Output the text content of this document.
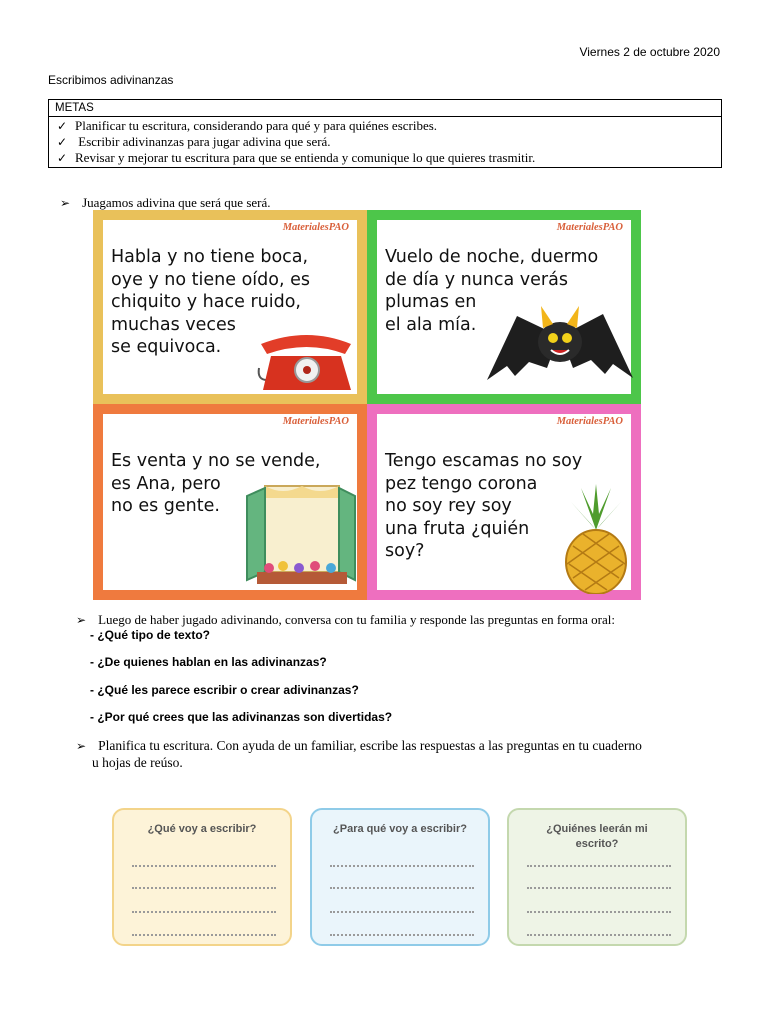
Viernes 2 de octubre 2020
Escribimos adivinanzas
METAS

✓ Planificar tu escritura, considerando para qué y para quiénes escribes.
✓ Escribir adivinanzas para jugar adivina que será.
✓ Revisar y mejorar tu escritura para que se entienda y comunique lo que quieres trasmitir.
➢ Juagamos adivina que será que será.
MaterialesPAO
Habla y no tiene boca,
oye y no tiene oído, es
chiquito y hace ruido,
muchas veces
se equivoca.
MaterialesPAO
Vuelo de noche, duermo
de día y nunca verás
plumas en
el ala mía.
MaterialesPAO
Es venta y no se vende,
es Ana, pero
no es gente.
MaterialesPAO
Tengo escamas no soy
pez tengo corona
no soy rey soy
una fruta ¿quién
soy?
➢ Luego de haber jugado adivinando, conversa con tu familia y responde las preguntas en forma oral:
- ¿Qué tipo de texto?
- ¿De quienes hablan en las adivinanzas?
- ¿Qué les parece escribir o crear adivinanzas?
- ¿Por qué crees que las adivinanzas son divertidas?
➢ Planifica tu escritura. Con ayuda de un familiar, escribe las respuestas a las preguntas en tu cuaderno
u hojas de reúso.
¿Qué voy a escribir?	¿Para qué voy a escribir?	¿Quiénes leerán mi escrito?
